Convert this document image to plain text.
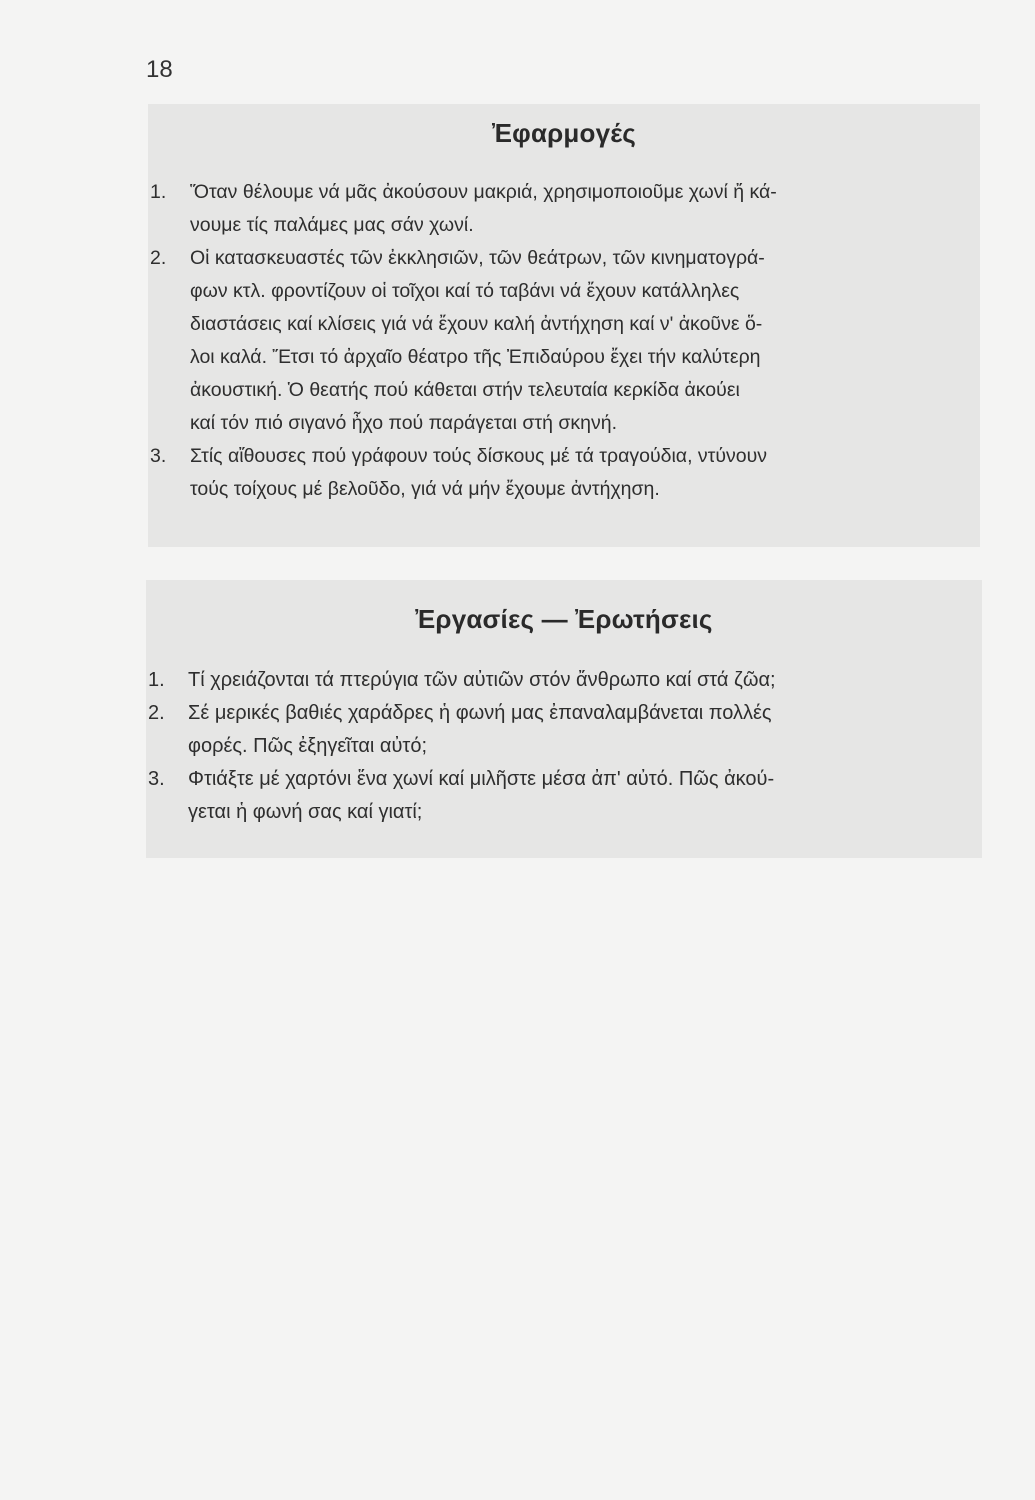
18
Ἐφαρμογές
1. Ὅταν θέλουμε νά μᾶς ἀκούσουν μακριά, χρησιμοποιοῦμε χωνί ἤ κά-
νουμε τίς παλάμες μας σάν χωνί.
2. Οἱ κατασκευαστές τῶν ἐκκλησιῶν, τῶν θεάτρων, τῶν κινηματογρά-
φων κτλ. φροντίζουν οἱ τοῖχοι καί τό ταβάνι νά ἔχουν κατάλληλες
διαστάσεις καί κλίσεις γιά νά ἔχουν καλή ἀντήχηση καί ν' ἀκοῦνε ὅ-
λοι καλά. Ἔτσι τό ἀρχαῖο θέατρο τῆς Ἐπιδαύρου ἔχει τήν καλύτερη
ἀκουστική. Ὁ θεατής πού κάθεται στήν τελευταία κερκίδα ἀκούει
καί τόν πιό σιγανό ἦχο πού παράγεται στή σκηνή.
3. Στίς αἴθουσες πού γράφουν τούς δίσκους μέ τά τραγούδια, ντύνουν
τούς τοίχους μέ βελοῦδο, γιά νά μήν ἔχουμε ἀντήχηση.
Ἐργασίες — Ἐρωτήσεις
1. Τί χρειάζονται τά πτερύγια τῶν αὐτιῶν στόν ἄνθρωπο καί στά ζῶα;
2. Σέ μερικές βαθιές χαράδρες ἡ φωνή μας ἐπαναλαμβάνεται πολλές
φορές. Πῶς ἐξηγεῖται αὐτό;
3. Φτιάξτε μέ χαρτόνι ἕνα χωνί καί μιλῆστε μέσα ἀπ' αὐτό. Πῶς ἀκού-
γεται ἡ φωνή σας καί γιατί;
